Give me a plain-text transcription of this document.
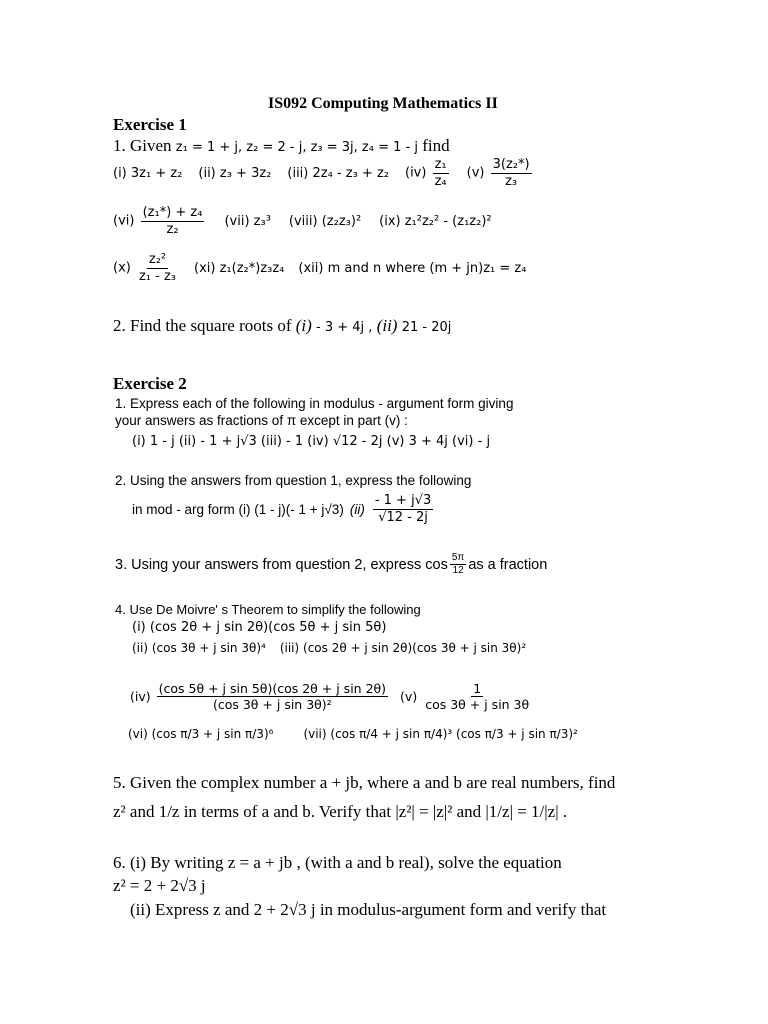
IS092 Computing Mathematics II
Exercise 1
1. Given z₁ = 1 + j, z₂ = 2 - j, z₃ = 3j, z₄ = 1 - j find
(i) 3z₁ + z₂ (ii) z₃ + 3z₂ (iii) 2z₄ - z₃ + z₂ $(iv) \frac{\text{z₁}}{\text{z₄}} (v) \frac{\text{3(z₂*)}}{\text{z₃}}$
$(vi) \frac{\text{(z₁*) + z₄}}{\text{z₂}} (vii)$ z₃³ (viii) (z₂z₃)² (ix) z₁²z₂² - (z₁z₂)²
$(x) \frac{\text{z₂²}}{\text{z₁ - z₃}} (xi)$ z₁(z₂*)z₃z₄ (xii) m and n where (m + jn)z₁ = z₄
2. Find the square roots of (i) - 3 + 4j , (ii) 21 - 20j
Exercise 2
1. Express each of the following in modulus - argument form giving
your answers as fractions of π except in part (v) :
(i) 1 - j (ii) - 1 + j√3 (iii) - 1 (iv) √12 - 2j (v) 3 + 4j (vi) - j
2. Using the answers from question 1, express the following
in mod - arg form (i) (1 - j)(- 1 + j√3) $(ii) \frac{- 1 + j√3}{√12 - 2j}$
3. Using your answers from question 2, express $\cos \frac{5\pi}{12}$ as a fraction
4. Use De Moivre' s Theorem to simplify the following
(i) (cos 2θ + j sin 2θ)(cos 5θ + j sin 5θ)
(ii) (cos 3θ + j sin 3θ)⁴ (iii) (cos 2θ + j sin 2θ)(cos 3θ + j sin 3θ)²
$(iv) \frac{\text{(cos 5θ + j sin 5θ)(cos 2θ + j sin 2θ)}}{\text{(cos 3θ + j sin 3θ)²}} (v) \frac{1}{\text{cos 3θ + j sin 3θ}}$
(vi) (cos π/3 + j sin π/3)⁶	(vii) (cos π/4 + j sin π/4)³ (cos π/3 + j sin π/3)²
5. Given the complex number a + jb, where a and b are real numbers, find
z² and 1/z in terms of a and b. Verify that |z²| = |z|² and |1/z| = 1/|z| .
6. (i) By writing z = a + jb , (with a and b real), solve the equation
z² = 2 + 2√3 j
(ii) Express z and 2 + 2√3 j in modulus-argument form and verify that
